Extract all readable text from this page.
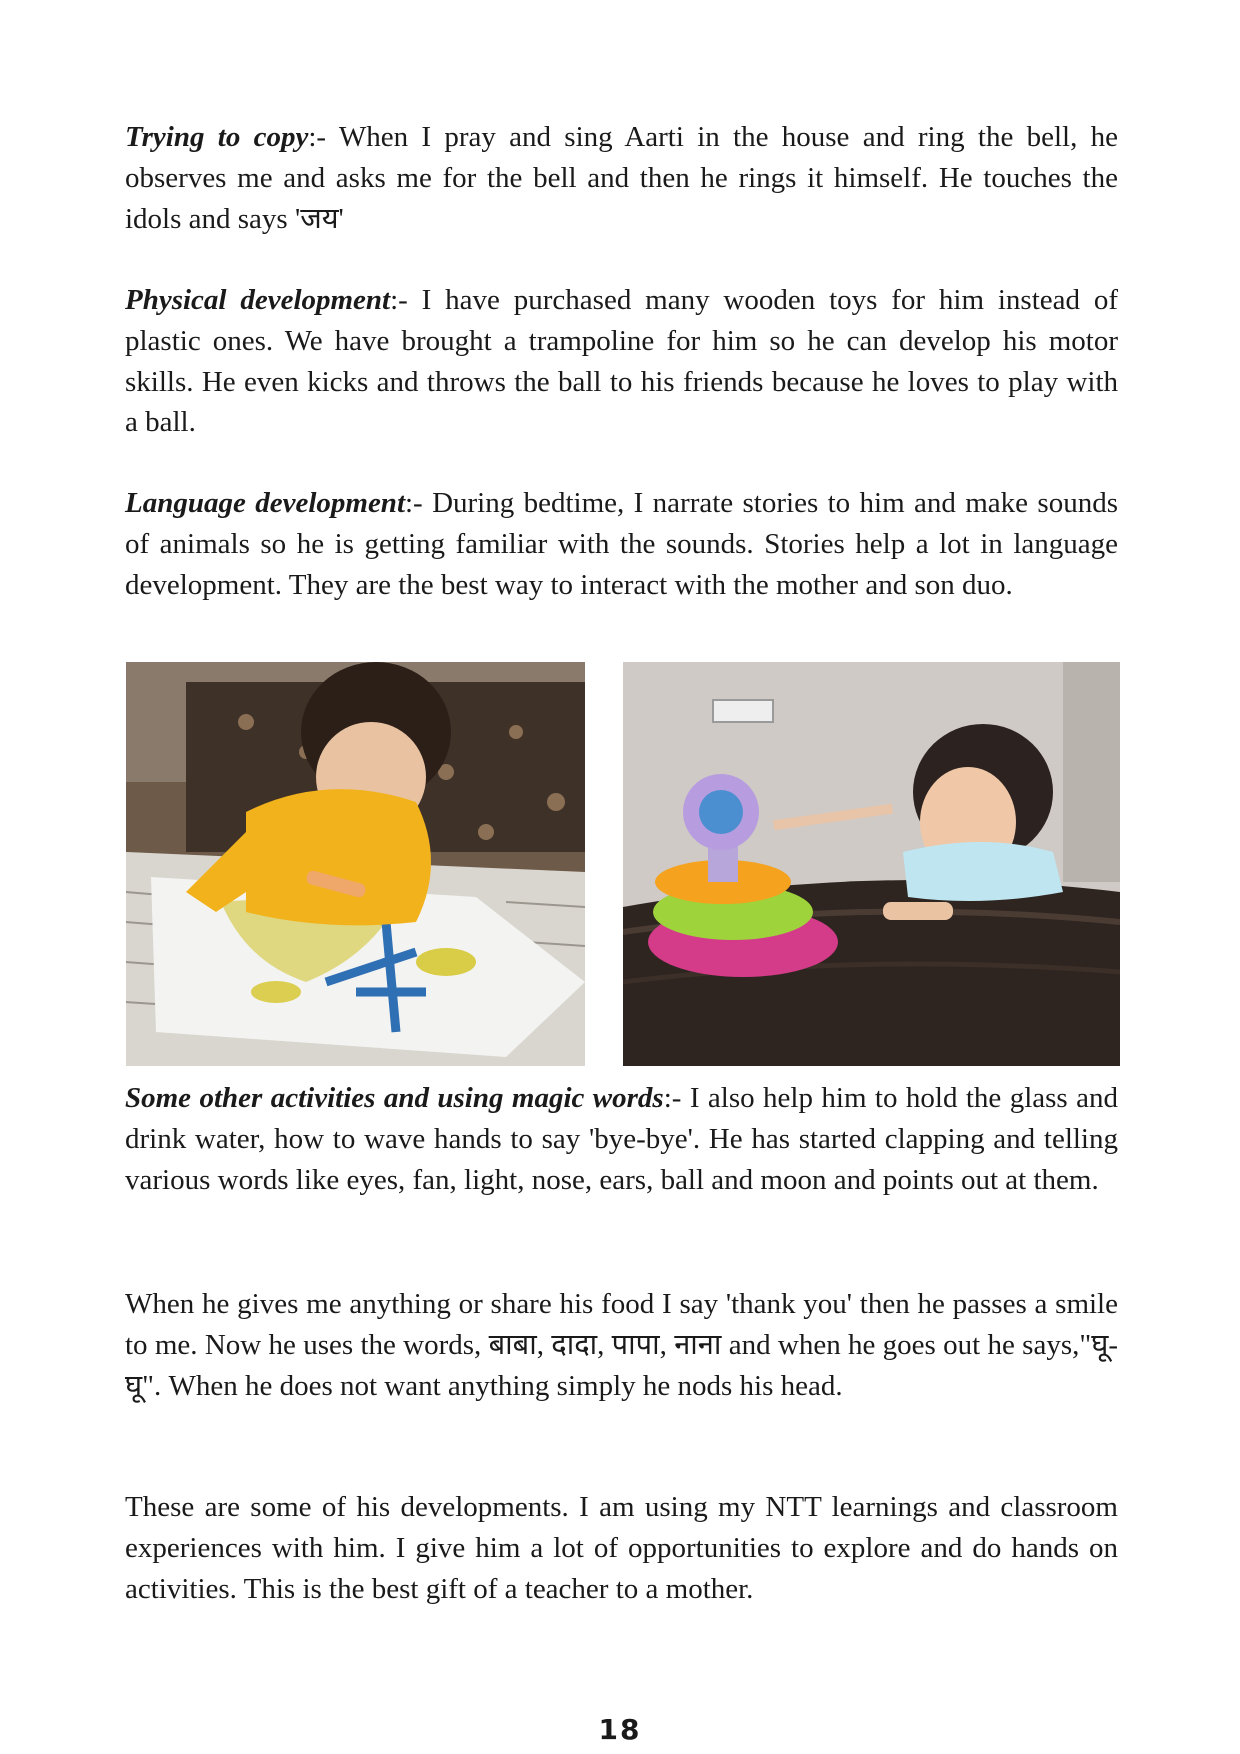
Trying to copy:- When I pray and sing Aarti in the house and ring the bell, he observes me and asks me for the bell and then he rings it himself. He touches the idols and says 'जय'

Physical development:- I have purchased many wooden toys for him instead of plastic ones. We have brought a trampoline for him so he can develop his motor skills. He even kicks and throws the ball to his friends because he loves to play with a ball.

Language development:- During bedtime, I narrate stories to him and make sounds of animals so he is getting familiar with the sounds. Stories help a lot in language development. They are the best way to interact with the mother and son duo.

Some other activities and using magic words:- I also help him to hold the glass and drink water, how to wave hands to say 'bye-bye'. He has started clapping and telling various words like eyes, fan, light, nose, ears, ball and moon and points out at them.

When he gives me anything or share his food I say 'thank you' then he passes a smile to me. Now he uses the words, बाबा, दादा, पापा, नाना and when he goes out he says,"घू-घू". When he does not want anything simply he nods his head.

These are some of his developments. I am using my NTT learnings and classroom experiences with him. I give him a lot of opportunities to explore and do hands on activities. This is the best gift of a teacher to a mother.

18
